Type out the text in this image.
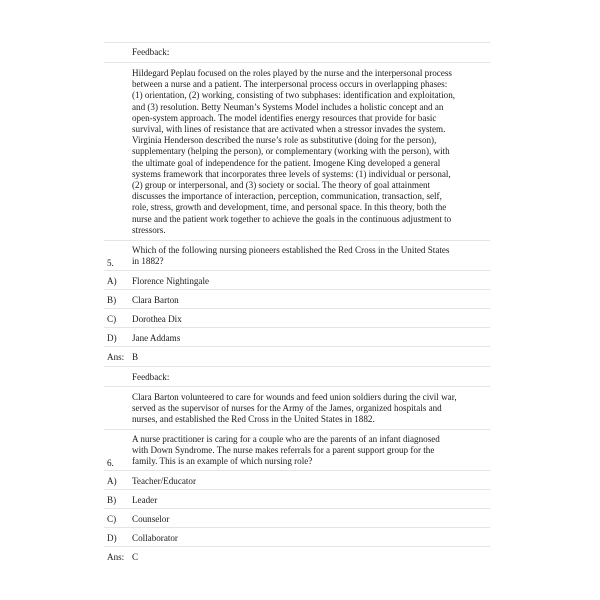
Feedback:

Hildegard Peplau focused on the roles played by the nurse and the interpersonal process

between a nurse and a patient. The interpersonal process occurs in overlapping phases:

(1) orientation, (2) working, consisting of two subphases: identification and exploitation,

and (3) resolution. Betty Neuman’s Systems Model includes a holistic concept and an

open-system approach. The model identifies energy resources that provide for basic

survival, with lines of resistance that are activated when a stressor invades the system.

Virginia Henderson described the nurse’s role as substitutive (doing for the person),

supplementary (helping the person), or complementary (working with the person), with

the ultimate goal of independence for the patient. Imogene King developed a general

systems framework that incorporates three levels of systems: (1) individual or personal,

(2) group or interpersonal, and (3) society or social. The theory of goal attainment

discusses the importance of interaction, perception, communication, transaction, self,

role, stress, growth and development, time, and personal space. In this theory, both the

nurse and the patient work together to achieve the goals in the continuous adjustment to

stressors.

5.

Which of the following nursing pioneers established the Red Cross in the United States

in 1882?

A)	Florence Nightingale
B)	Clara Barton
C)	Dorothea Dix
D)	Jane Addams
Ans: B
Feedback:

Clara Barton volunteered to care for wounds and feed union soldiers during the civil war,

served as the supervisor of nurses for the Army of the James, organized hospitals and

nurses, and established the Red Cross in the United States in 1882.

6.

A nurse practitioner is caring for a couple who are the parents of an infant diagnosed

with Down Syndrome. The nurse makes referrals for a parent support group for the

family. This is an example of which nursing role?

A)	Teacher/Educator
B)	Leader
C)	Counselor
D)	Collaborator
Ans: C
